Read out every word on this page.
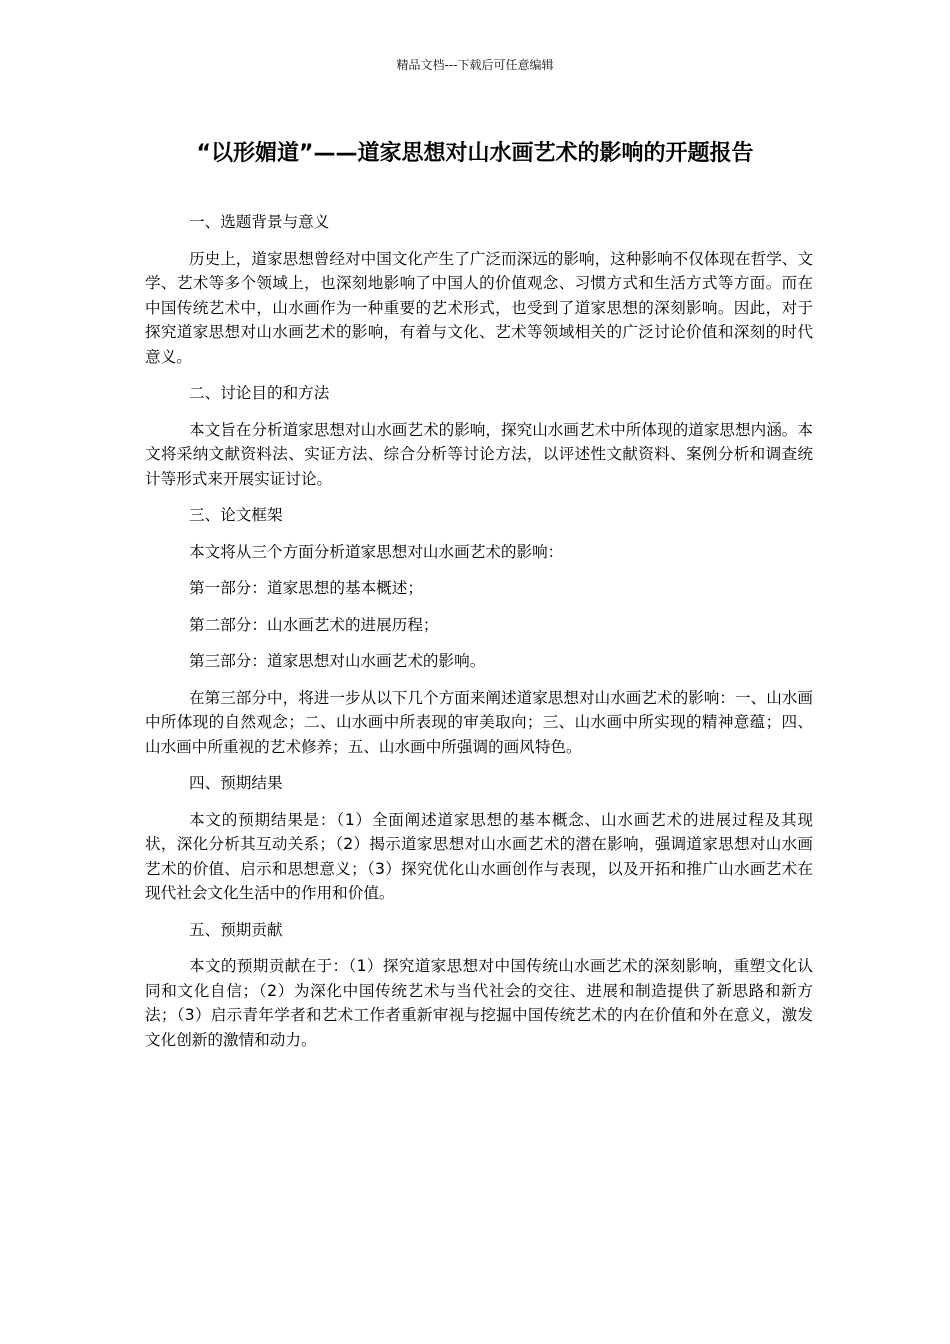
精品文档---下载后可任意编辑
“以形媚道”——道家思想对山水画艺术的影响的开题报告

一、选题背景与意义

历史上，道家思想曾经对中国文化产生了广泛而深远的影响，这种影响不仅体现在哲学、文学、艺术等多个领域上，也深刻地影响了中国人的价值观念、习惯方式和生活方式等方面。而在中国传统艺术中，山水画作为一种重要的艺术形式，也受到了道家思想的深刻影响。因此，对于探究道家思想对山水画艺术的影响，有着与文化、艺术等领域相关的广泛讨论价值和深刻的时代意义。

二、讨论目的和方法

本文旨在分析道家思想对山水画艺术的影响，探究山水画艺术中所体现的道家思想内涵。本文将采纳文献资料法、实证方法、综合分析等讨论方法，以评述性文献资料、案例分析和调查统计等形式来开展实证讨论。

三、论文框架

本文将从三个方面分析道家思想对山水画艺术的影响：

第一部分：道家思想的基本概述；

第二部分：山水画艺术的进展历程；

第三部分：道家思想对山水画艺术的影响。

在第三部分中，将进一步从以下几个方面来阐述道家思想对山水画艺术的影响：一、山水画中所体现的自然观念；二、山水画中所表现的审美取向；三、山水画中所实现的精神意蕴；四、山水画中所重视的艺术修养；五、山水画中所强调的画风特色。

四、预期结果

本文的预期结果是：（1）全面阐述道家思想的基本概念、山水画艺术的进展过程及其现状，深化分析其互动关系；（2）揭示道家思想对山水画艺术的潜在影响，强调道家思想对山水画艺术的价值、启示和思想意义；（3）探究优化山水画创作与表现，以及开拓和推广山水画艺术在现代社会文化生活中的作用和价值。

五、预期贡献

本文的预期贡献在于：（1）探究道家思想对中国传统山水画艺术的深刻影响，重塑文化认同和文化自信；（2）为深化中国传统艺术与当代社会的交往、进展和制造提供了新思路和新方法；（3）启示青年学者和艺术工作者重新审视与挖掘中国传统艺术的内在价值和外在意义，激发文化创新的激情和动力。
